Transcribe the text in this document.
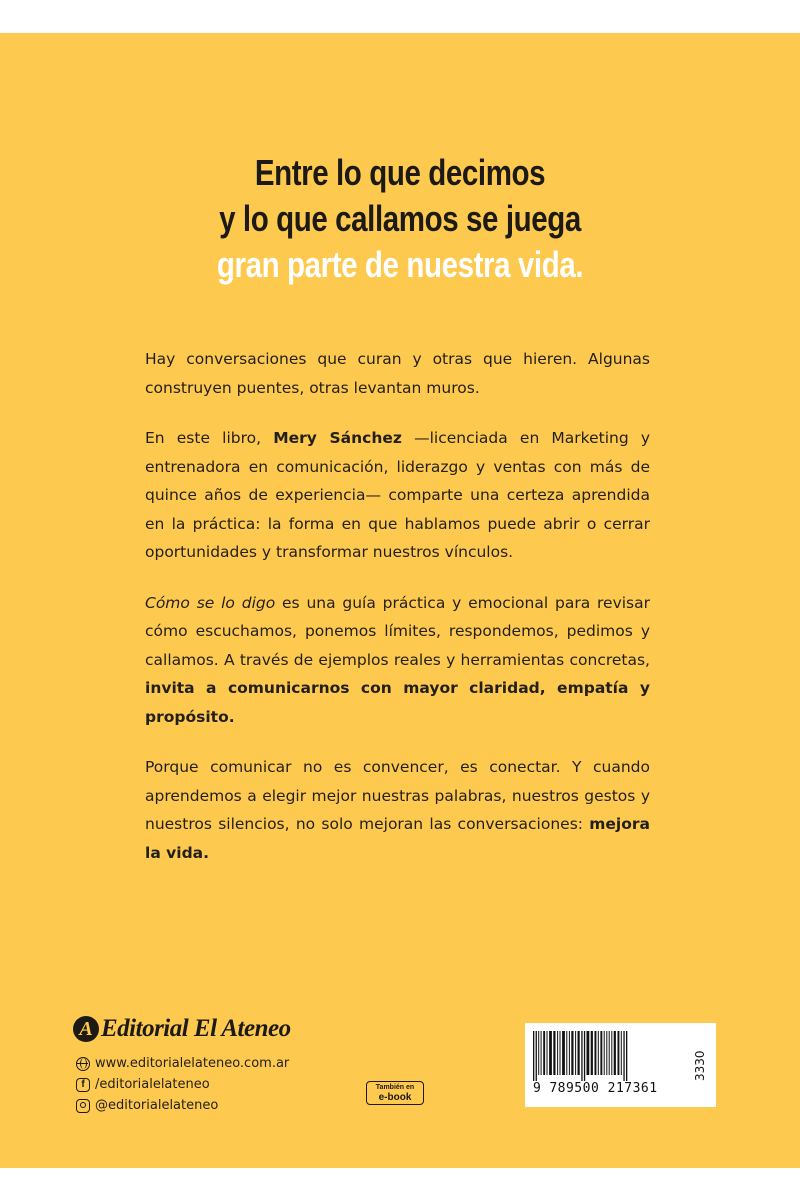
Entre lo que decimos
y lo que callamos se juega
gran parte de nuestra vida.

Hay conversaciones que curan y otras que hieren. Algunas construyen puentes, otras levantan muros.

En este libro, Mery Sánchez —licenciada en Marketing y entrenadora en comunicación, liderazgo y ventas con más de quince años de experiencia— comparte una certeza aprendida en la práctica: la forma en que hablamos puede abrir o cerrar oportunidades y transformar nuestros vínculos.

Cómo se lo digo es una guía práctica y emocional para revisar cómo escuchamos, ponemos límites, respondemos, pedimos y callamos. A través de ejemplos reales y herramientas concretas, invita a comunicarnos con mayor claridad, empatía y propósito.

Porque comunicar no es convencer, es conectar. Y cuando aprendemos a elegir mejor nuestras palabras, nuestros gestos y nuestros silencios, no solo mejoran las conversaciones: mejora la vida.

A Editorial El Ateneo
www.editorialelateneo.com.ar
f /editorialelateneo
@editorialelateneo
También en
e-book
9 789500 217361
3330
